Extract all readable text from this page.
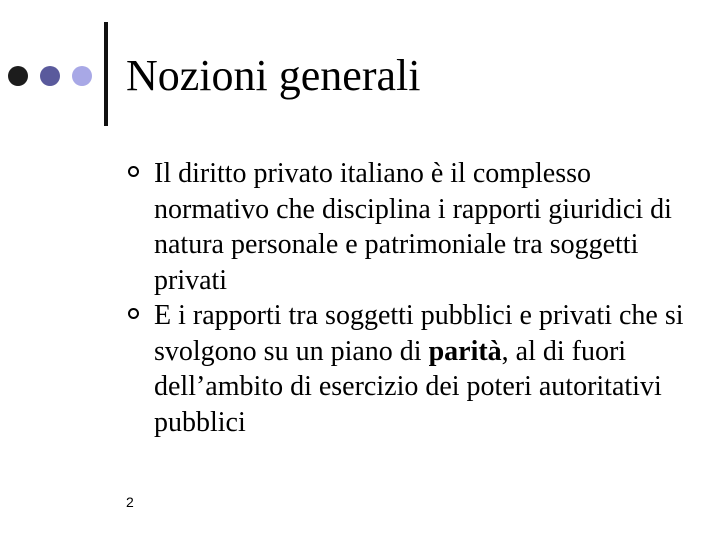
Nozioni generali
Il diritto privato italiano è il complesso normativo che disciplina i rapporti giuridici di natura personale e patrimoniale tra soggetti privati
E i rapporti tra soggetti pubblici e privati che si svolgono su un piano di parità, al di fuori dell’ambito di esercizio dei poteri autoritativi pubblici
2
